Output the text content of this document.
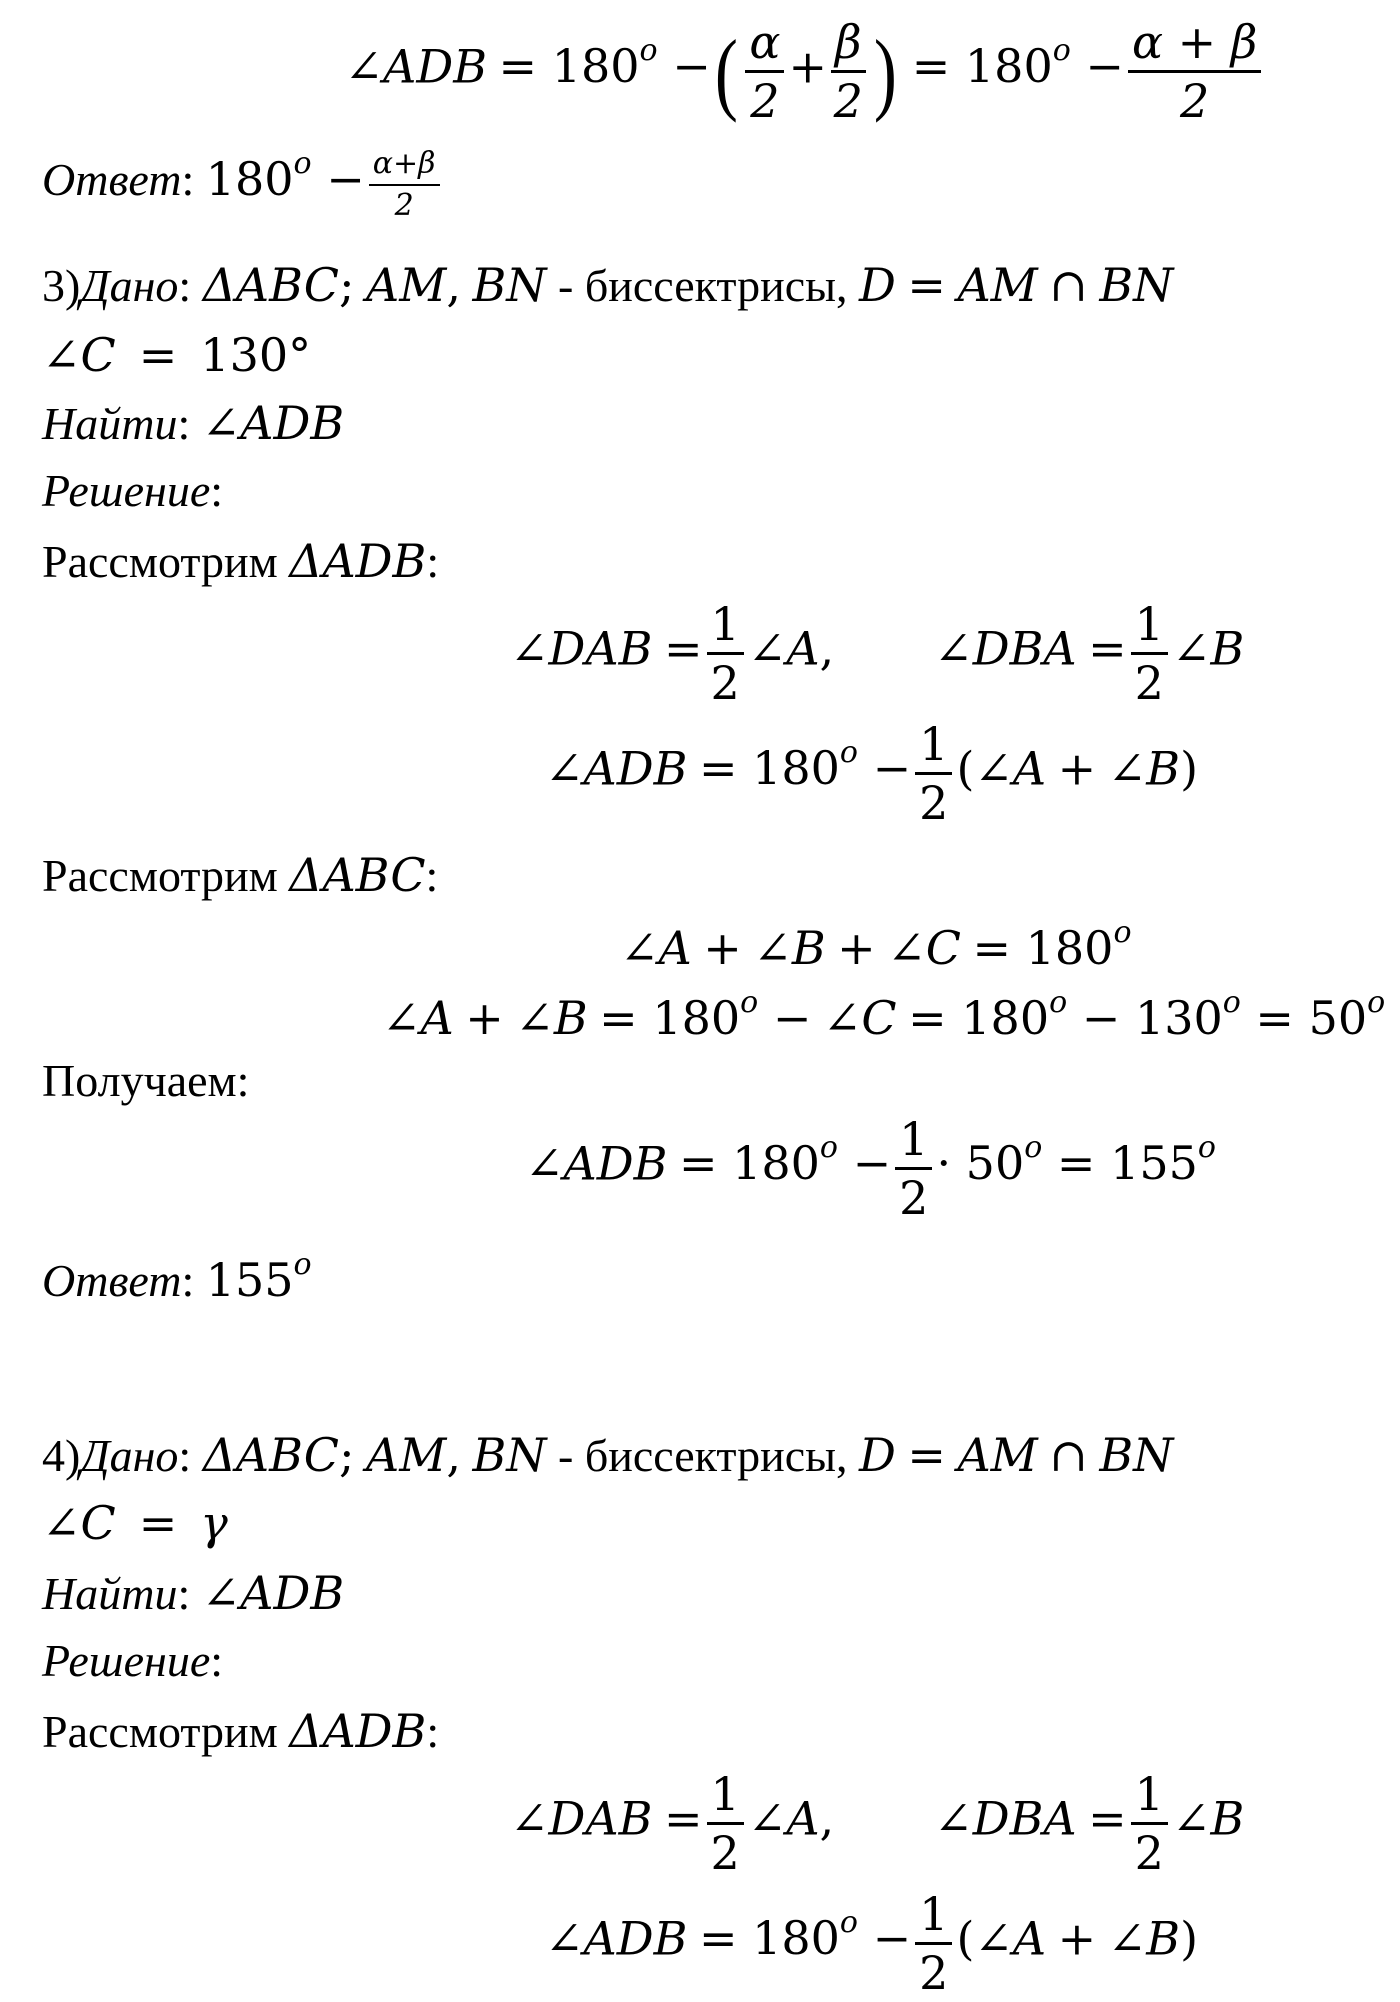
∠ADB = $180^o$ −( $\frac{\alpha}{2} + \frac{\beta}{2}$ ) = $180^o - \frac{\alpha + \beta}{2}$
Ответ: $180^o - \frac{\alpha+\beta}{2}$
3)Дано: ΔABC; AM, BN - биссектрисы, D = AM ∩ BN
∠C = 130°
Найти: ∠ADB
Решение:
Рассмотрим ΔADB:
∠DAB = $\frac{1}{2}$ ∠A, ∠DBA = $\frac{1}{2}$ ∠B
∠ADB = $180^o - \frac{1}{2}$ (∠A + ∠B)
Рассмотрим ΔABC:
∠A + ∠B + ∠C = $180^o$
∠A + ∠B = $180^o$ − ∠C = $180^o - 130^o = 50^o$
Получаем:
∠ADB = $180^o - \frac{1}{2} \cdot 50^o = 155^o$
Ответ: 155$^o$
4)Дано: ΔABC; AM, BN - биссектрисы, D = AM ∩ BN
∠C = γ
Найти: ∠ADB
Решение:
Рассмотрим ΔADB:
∠DAB = $\frac{1}{2}$ ∠A, ∠DBA = $\frac{1}{2}$ ∠B
∠ADB = $180^o - \frac{1}{2}$ (∠A + ∠B)
